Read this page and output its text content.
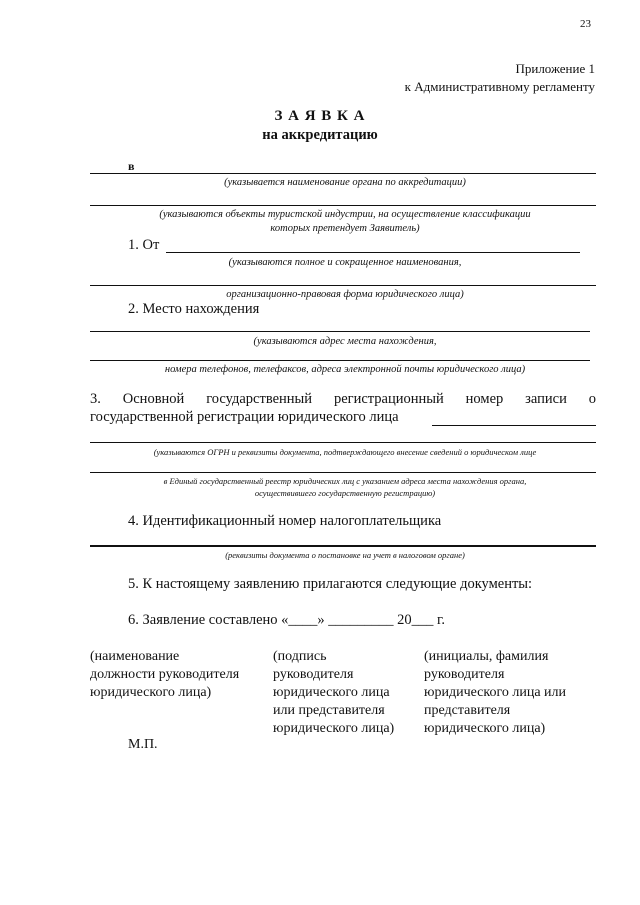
23
Приложение 1
к Административному регламенту
З А Я В К А
на аккредитацию
в
(указывается наименование органа по аккредитации)
(указываются объекты туристской индустрии, на осуществление классификации
которых претендует Заявитель)
1. От
(указываются полное и сокращенное наименования,
организационно-правовая форма юридического лица)
2. Место нахождения
(указываются адрес места нахождения,
номера телефонов, телефаксов, адреса электронной почты юридического лица)
3. Основной государственный регистрационный номер записи о
государственной регистрации юридического лица
(указываются ОГРН и реквизиты документа, подтверждающего внесение сведений о юридическом лице
в Единый государственный реестр юридических лиц с указанием адреса места нахождения органа,
осуществившего государственную регистрацию)
4. Идентификационный номер налогоплательщика
(реквизиты документа о постановке на учет в налоговом органе)
5. К настоящему заявлению прилагаются следующие документы:
6. Заявление составлено «____» _________ 20___ г.
(наименование
должности руководителя
юридического лица)
(подпись
руководителя
юридического лица
или представителя
юридического лица)
(инициалы, фамилия
руководителя
юридического лица или
представителя
юридического лица)
М.П.
